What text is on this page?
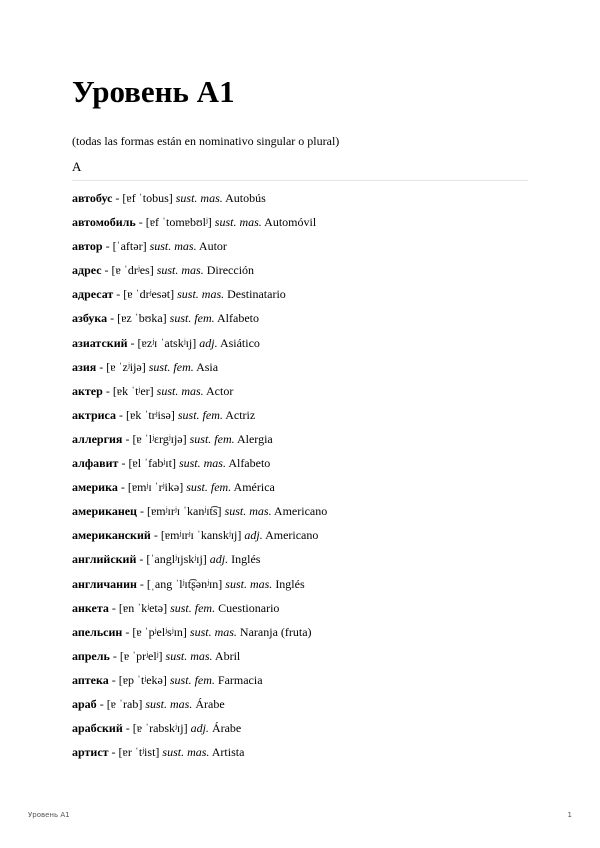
Уровень A1

(todas las formas están en nominativo singular o plural)

A

автобус - [ɐf ˈtobus] sust. mas. Autobús
автомобиль - [ɐf ˈtomɐbʊlʲ] sust. mas. Automóvil
автор - [ˈaftər] sust. mas. Autor
адрес - [ɐ ˈdrʲes] sust. mas. Dirección
адресат - [ɐ ˈdrʲesət] sust. mas. Destinatario
азбука - [ɐz ˈbʊka] sust. fem. Alfabeto
азиатский - [ɐzʲɪ ˈatskʲɪj] adj. Asiático
азия - [ɐ ˈzʲijə] sust. fem. Asia
актер - [ɐk ˈtʲer] sust. mas. Actor
актриса - [ɐk ˈtrʲisə] sust. fem. Actriz
аллергия - [ɐ ˈlʲɛrgʲɪjə] sust. fem. Alergia
алфавит - [ɐl ˈfabʲɪt] sust. mas. Alfabeto
америка - [ɐmʲɪ ˈrʲikə] sust. fem. América
американец - [ɐmʲɪrʲɪ ˈkanʲɪt͡s] sust. mas. Americano
американский - [ɐmʲɪrʲɪ ˈkanskʲɪj] adj. Americano
английский - [ˈanglʲɪjskʲɪj] adj. Inglés
англичанин - [ˌang ˈlʲɪt͡ʂənʲɪn] sust. mas. Inglés
анкета - [ɐn ˈkʲetə] sust. fem. Cuestionario
апельсин - [ɐ ˈpʲelʲsʲɪn] sust. mas. Naranja (fruta)
апрель - [ɐ ˈprʲelʲ] sust. mas. Abril
аптека - [ɐp ˈtʲekə] sust. fem. Farmacia
араб - [ɐ ˈrab] sust. mas. Árabe
арабский - [ɐ ˈrabskʲɪj] adj. Árabe
артист - [ɐr ˈtʲist] sust. mas. Artista
Уровень A1	1
